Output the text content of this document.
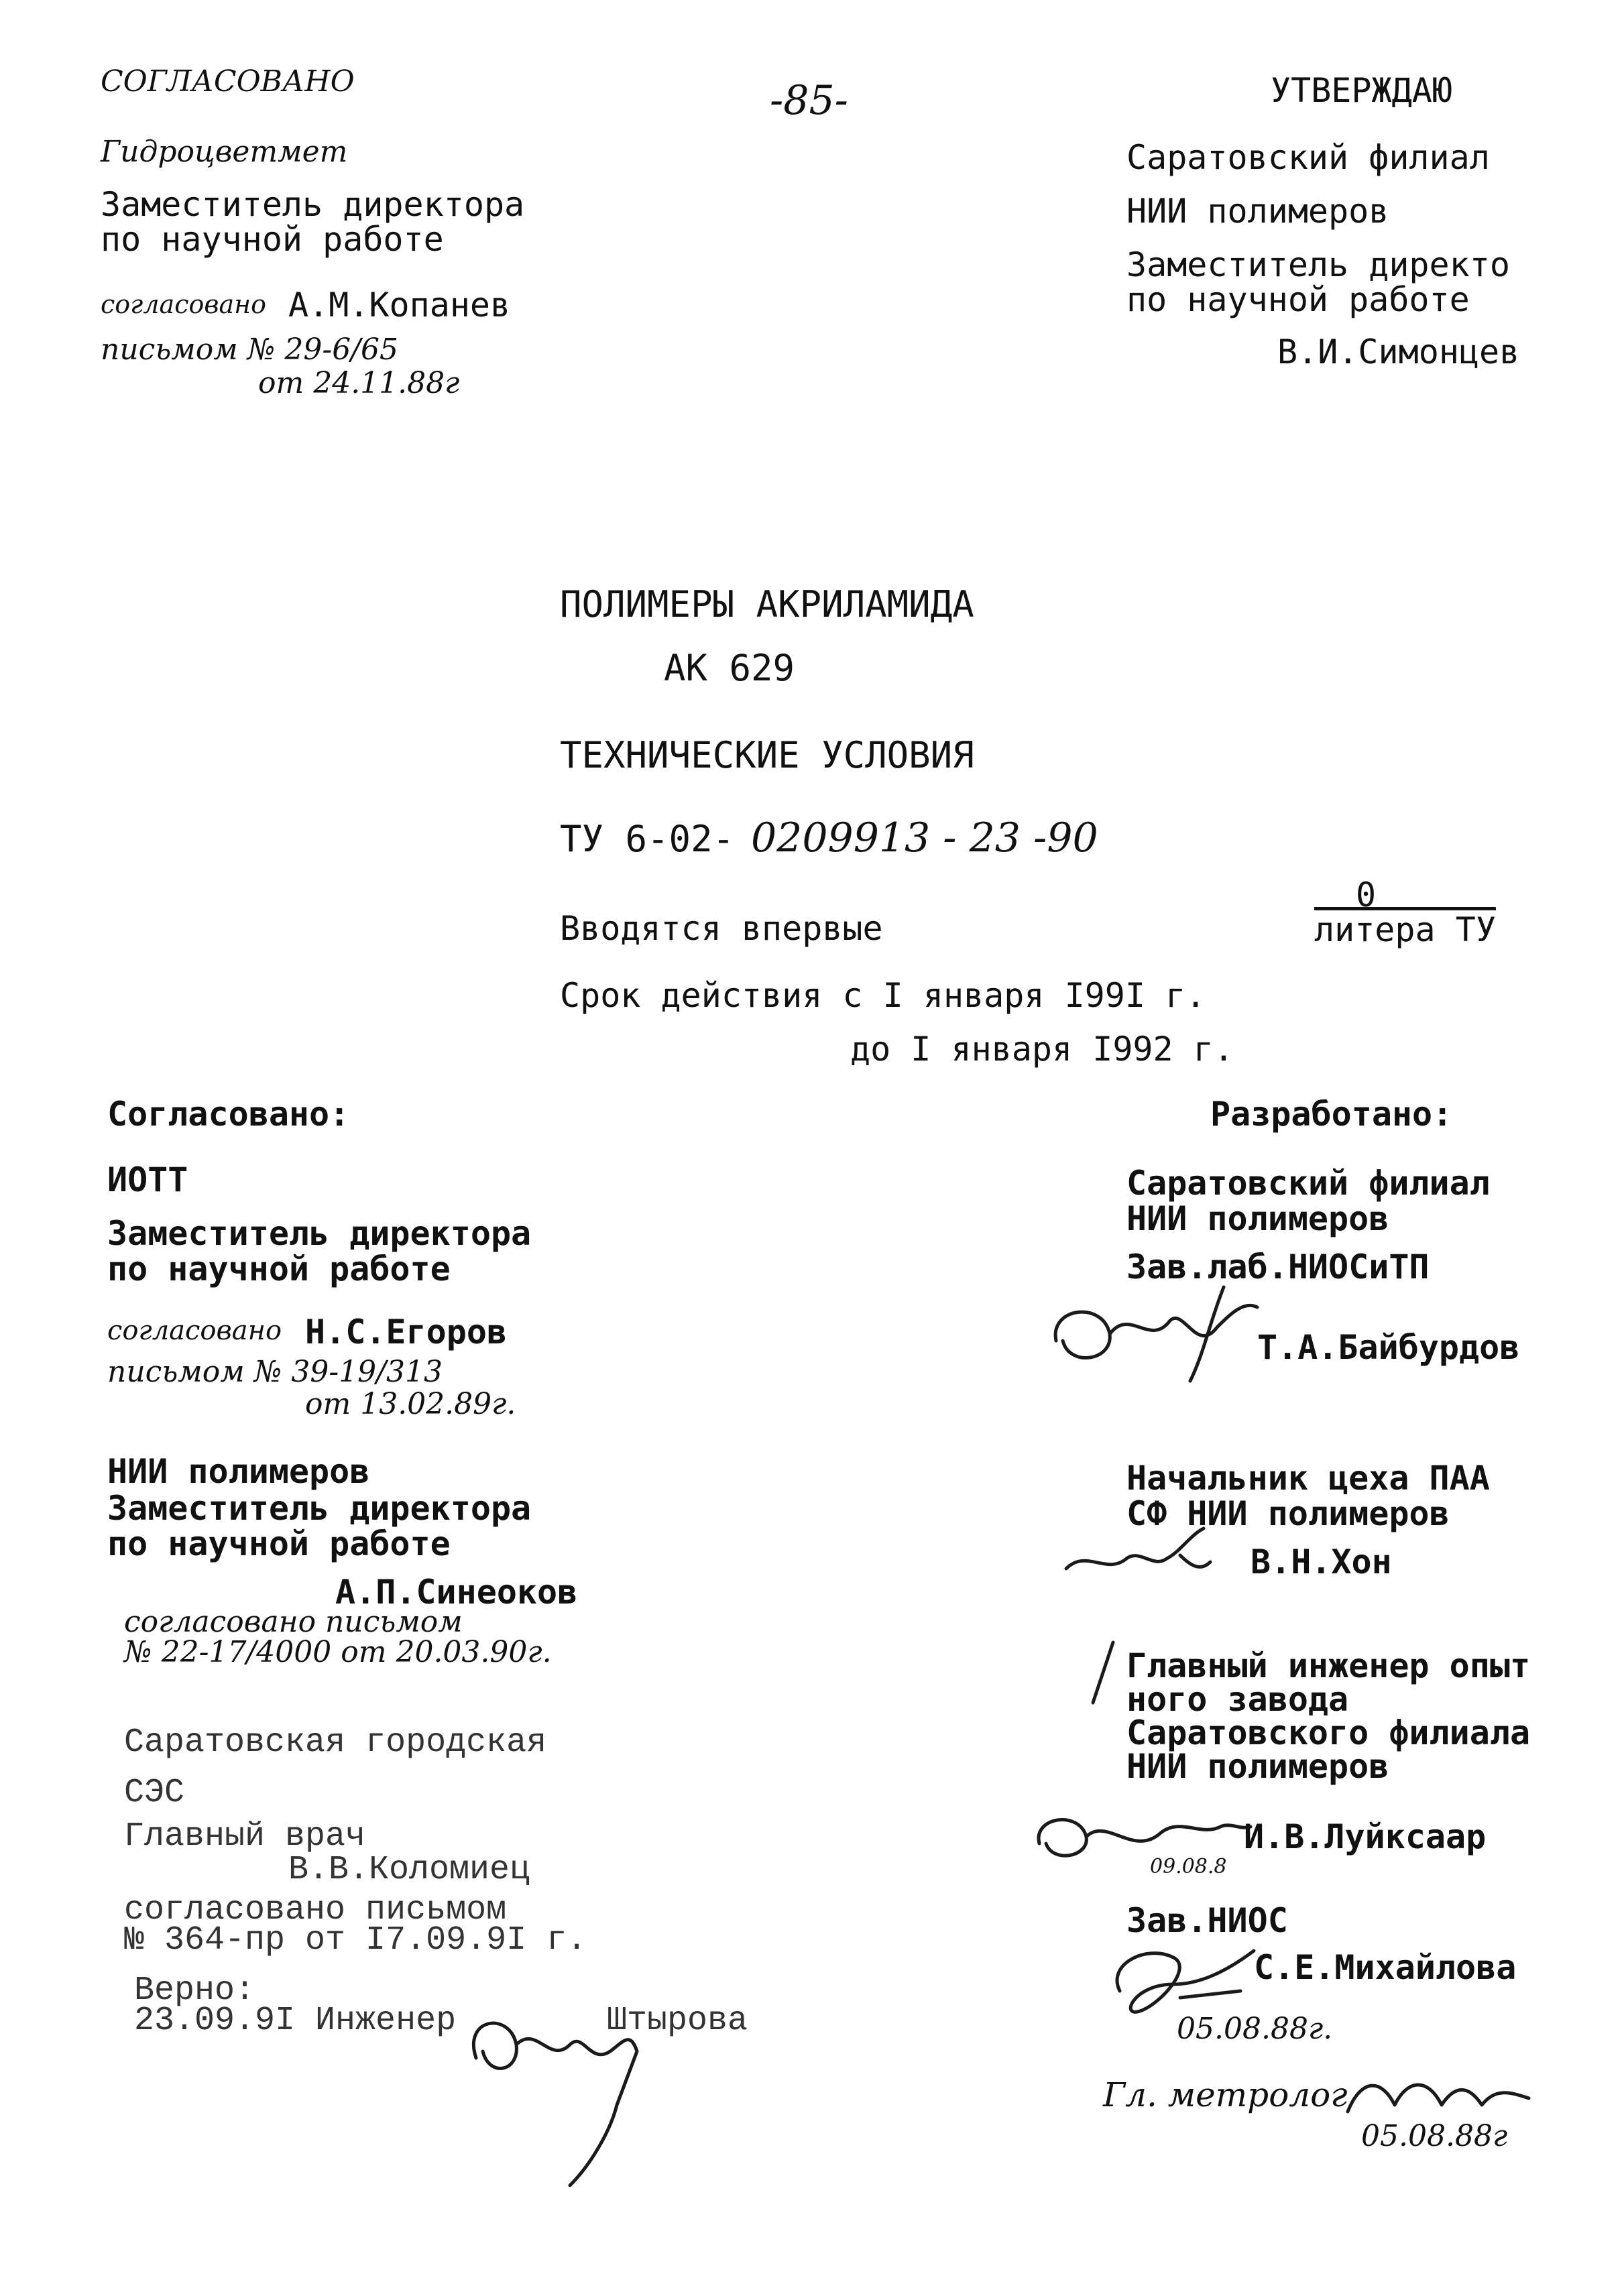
-85-
СОГЛАСОВАНО
Гидроцветмет
Заместитель директора
по научной работе
согласовано А.М.Копанев
письмом № 29-6/65
от 24.11.88г
УТВЕРЖДАЮ
Саратовский филиал
НИИ полимеров
Заместитель директо
по научной работе
В.И.Симонцев
ПОЛИМЕРЫ АКРИЛАМИДА
АК 629
ТЕХНИЧЕСКИЕ УСЛОВИЯ
ТУ 6-02- 0209913 - 23 -90
Вводятся впервые
0
литера ТУ
Срок действия с I января I99I г.
до I января I992 г.
Согласовано:
ИОТТ
Заместитель директора
по научной работе
согласовано Н.С.Егоров
письмом № 39-19/313
от 13.02.89г.
НИИ полимеров
Заместитель директора
по научной работе
А.П.Синеоков
согласовано письмом
№ 22-17/4000 от 20.03.90г.
Саратовская городская
СЭС
Главный врач
В.В.Коломиец
согласовано письмом
№ 364-пр от I7.09.9I г.
Верно:
23.09.9I Инженер	Штырова
Разработано:
Саратовский филиал
НИИ полимеров
Зав.лаб.НИОСиТП
Т.А.Байбурдов
Начальник цеха ПАА
СФ НИИ полимеров
В.Н.Хон
Главный инженер опыт
ного завода
Саратовского филиала
НИИ полимеров
И.В.Луйксаар
09.08.8
Зав.НИОС
С.Е.Михайлова
05.08.88г.
Гл. метролог
05.08.88г
